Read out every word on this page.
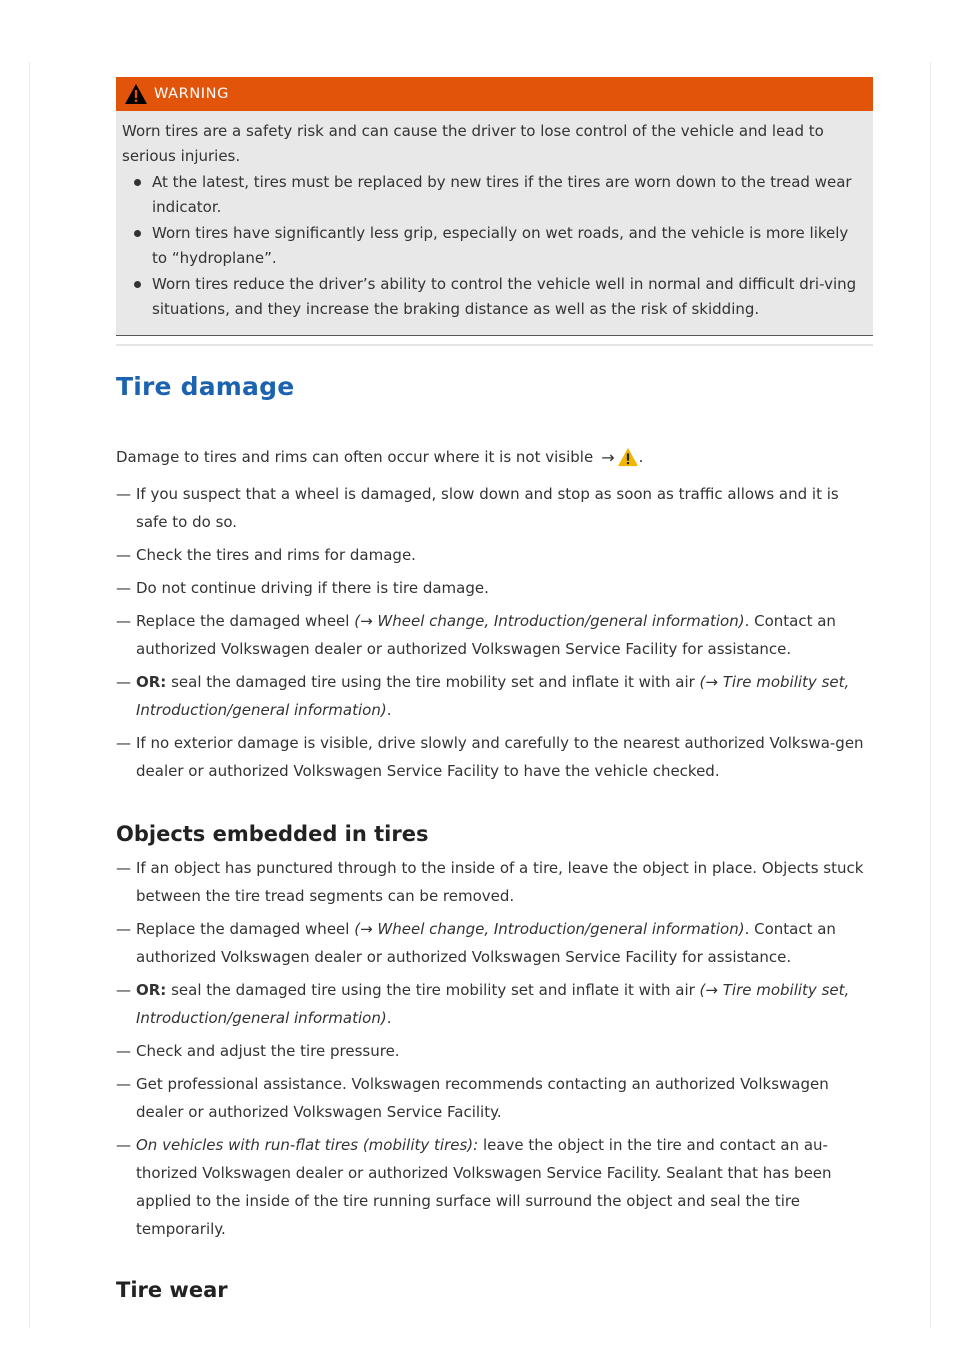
WARNING

Worn tires are a safety risk and can cause the driver to lose control of the vehicle and lead to serious injuries.

At the latest, tires must be replaced by new tires if the tires are worn down to the tread wear indicator.
Worn tires have significantly less grip, especially on wet roads, and the vehicle is more likely to “hydroplane”.
Worn tires reduce the driver’s ability to control the vehicle well in normal and difficult dri-ving situations, and they increase the braking distance as well as the risk of skidding.
Tire damage

Damage to tires and rims can often occur where it is not visible → .

— If you suspect that a wheel is damaged, slow down and stop as soon as traffic allows and it is safe to do so.
— Check the tires and rims for damage.
— Do not continue driving if there is tire damage.
— Replace the damaged wheel (→ Wheel change, Introduction/general information). Contact an authorized Volkswagen dealer or authorized Volkswagen Service Facility for assistance.
— OR: seal the damaged tire using the tire mobility set and inflate it with air (→ Tire mobility set, Introduction/general information).
— If no exterior damage is visible, drive slowly and carefully to the nearest authorized Volkswa-gen dealer or authorized Volkswagen Service Facility to have the vehicle checked.
Objects embedded in tires
— If an object has punctured through to the inside of a tire, leave the object in place. Objects stuck between the tire tread segments can be removed.
— Replace the damaged wheel (→ Wheel change, Introduction/general information). Contact an authorized Volkswagen dealer or authorized Volkswagen Service Facility for assistance.
— OR: seal the damaged tire using the tire mobility set and inflate it with air (→ Tire mobility set, Introduction/general information).
— Check and adjust the tire pressure.
— Get professional assistance. Volkswagen recommends contacting an authorized Volkswagen dealer or authorized Volkswagen Service Facility.
— On vehicles with run-flat tires (mobility tires): leave the object in the tire and contact an au-thorized Volkswagen dealer or authorized Volkswagen Service Facility. Sealant that has been applied to the inside of the tire running surface will surround the object and seal the tire temporarily.
Tire wear
